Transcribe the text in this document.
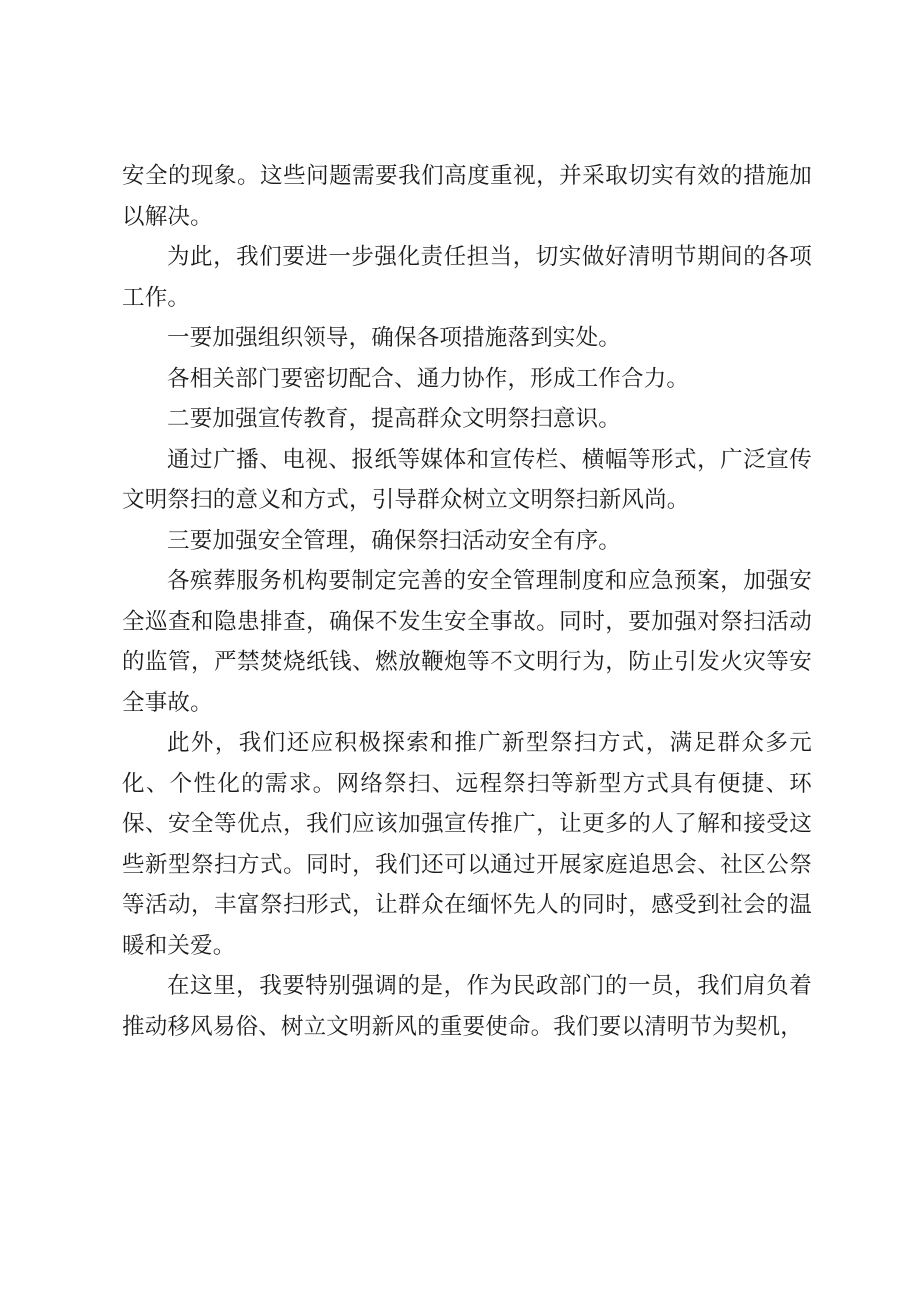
安全的现象。这些问题需要我们高度重视，并采取切实有效的措施加以解决。

为此，我们要进一步强化责任担当，切实做好清明节期间的各项工作。

一要加强组织领导，确保各项措施落到实处。

各相关部门要密切配合、通力协作，形成工作合力。

二要加强宣传教育，提高群众文明祭扫意识。

通过广播、电视、报纸等媒体和宣传栏、横幅等形式，广泛宣传文明祭扫的意义和方式，引导群众树立文明祭扫新风尚。

三要加强安全管理，确保祭扫活动安全有序。

各殡葬服务机构要制定完善的安全管理制度和应急预案，加强安全巡查和隐患排查，确保不发生安全事故。同时，要加强对祭扫活动的监管，严禁焚烧纸钱、燃放鞭炮等不文明行为，防止引发火灾等安全事故。

此外，我们还应积极探索和推广新型祭扫方式，满足群众多元化、个性化的需求。网络祭扫、远程祭扫等新型方式具有便捷、环保、安全等优点，我们应该加强宣传推广，让更多的人了解和接受这些新型祭扫方式。同时，我们还可以通过开展家庭追思会、社区公祭等活动，丰富祭扫形式，让群众在缅怀先人的同时，感受到社会的温暖和关爱。

在这里，我要特别强调的是，作为民政部门的一员，我们肩负着推动移风易俗、树立文明新风的重要使命。我们要以清明节为契机，
